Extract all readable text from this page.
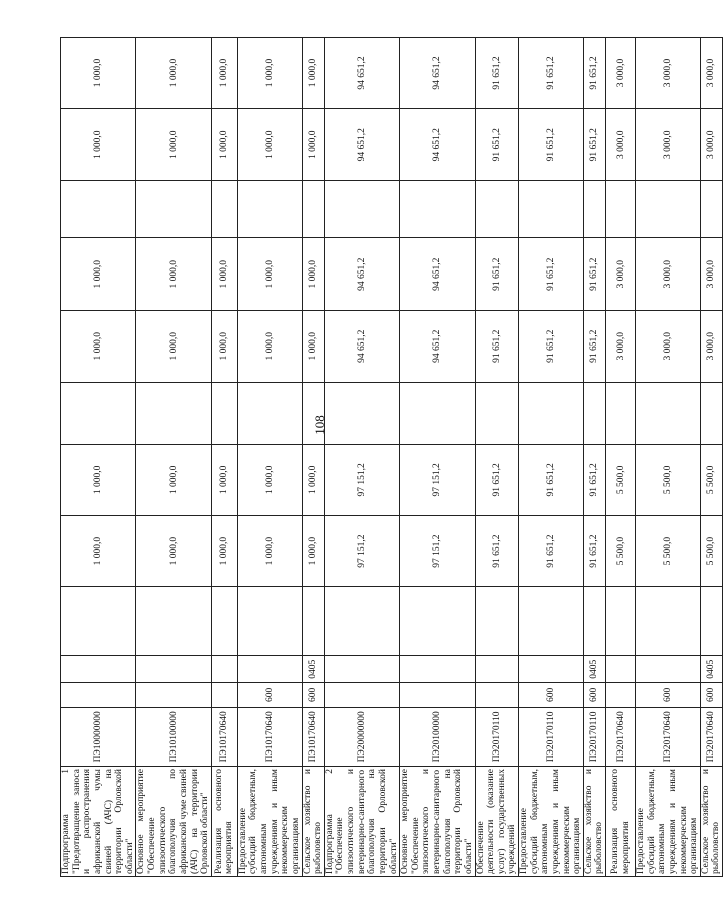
108
Подпрограмма 1 "Предотвращение заноса и распространения африканской чумы свиней (АЧС) на территории Орловской области"	ПЭ10000000				1 000,0	1 000,0		1 000,0	1 000,0		1 000,0	1 000,0
Основное мероприятие "Обеспечение эпизоотического благополучия по африканской чуме свиней (АЧС) на территории Орловской области"	ПЭ10100000				1 000,0	1 000,0		1 000,0	1 000,0		1 000,0	1 000,0
Реализация основного мероприятия	ПЭ10170640				1 000,0	1 000,0		1 000,0	1 000,0		1 000,0	1 000,0
Предоставление субсидий бюджетным, автономным учреждениям и иным некоммерческим организациям	ПЭ10170640	600			1 000,0	1 000,0		1 000,0	1 000,0		1 000,0	1 000,0
Сельское хозяйство и рыболовство	ПЭ10170640	600	0405		1 000,0	1 000,0		1 000,0	1 000,0		1 000,0	1 000,0
Подпрограмма 2 "Обеспечение эпизоотического и ветеринарно-санитарного благополучия на территории Орловской области"	ПЭ20000000				97 151,2	97 151,2		94 651,2	94 651,2		94 651,2	94 651,2
Основное мероприятие "Обеспечение эпизоотического и ветеринарно-санитарного благополучия на территории Орловской области"	ПЭ20100000				97 151,2	97 151,2		94 651,2	94 651,2		94 651,2	94 651,2
Обеспечение деятельности (оказание услуг) государственных учреждений	ПЭ20170110				91 651,2	91 651,2		91 651,2	91 651,2		91 651,2	91 651,2
Предоставление субсидий бюджетным, автономным учреждениям и иным некоммерческим организациям	ПЭ20170110	600			91 651,2	91 651,2		91 651,2	91 651,2		91 651,2	91 651,2
Сельское хозяйство и рыболовство	ПЭ20170110	600	0405		91 651,2	91 651,2		91 651,2	91 651,2		91 651,2	91 651,2
Реализация основного мероприятия	ПЭ20170640				5 500,0	5 500,0		3 000,0	3 000,0		3 000,0	3 000,0
Предоставление субсидий бюджетным, автономным учреждениям и иным некоммерческим организациям	ПЭ20170640	600			5 500,0	5 500,0		3 000,0	3 000,0		3 000,0	3 000,0
Сельское хозяйство и рыболовство	ПЭ20170640	600	0405		5 500,0	5 500,0		3 000,0	3 000,0		3 000,0	3 000,0
